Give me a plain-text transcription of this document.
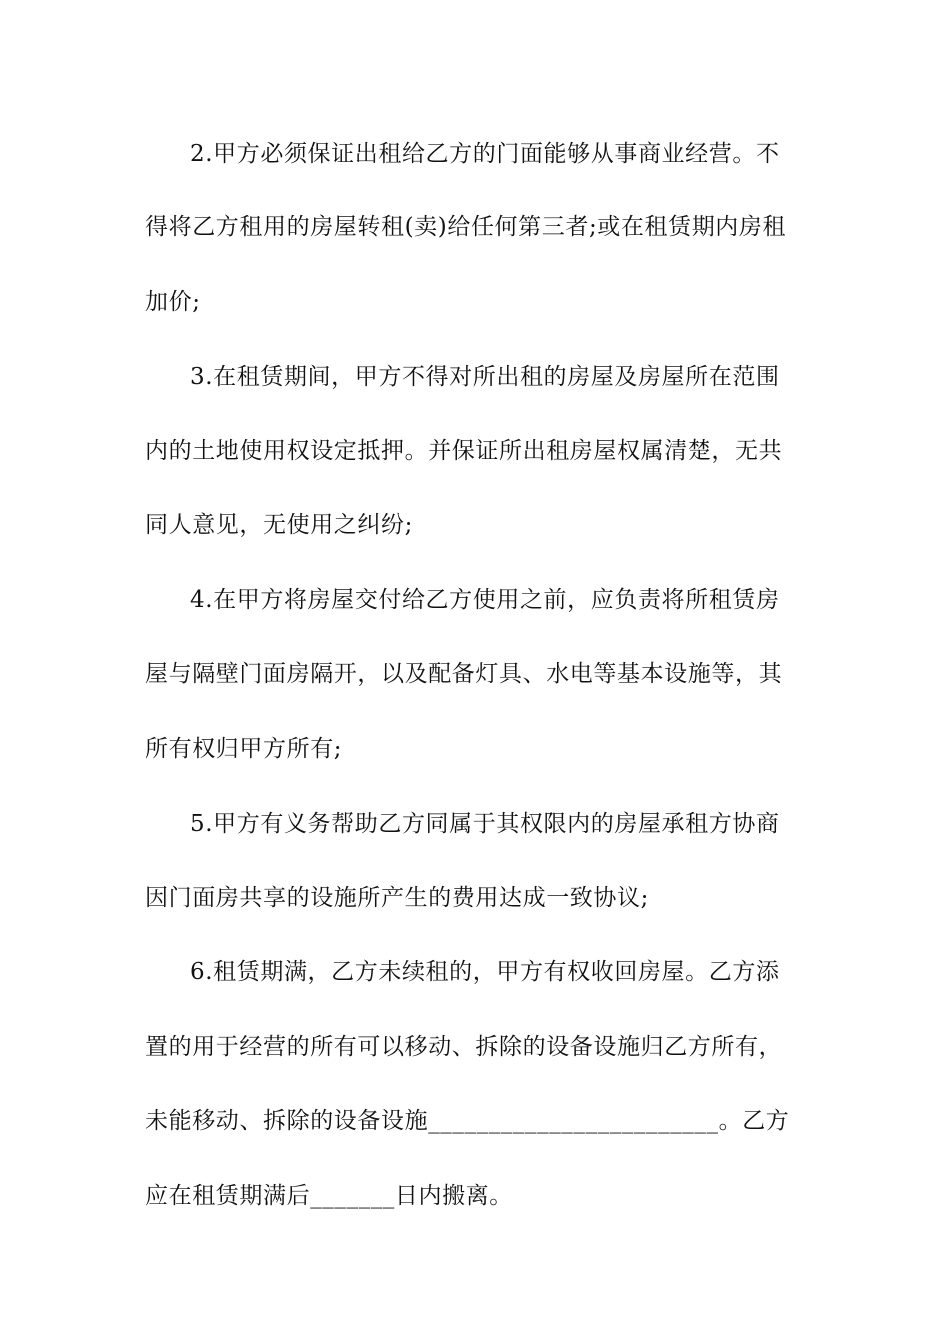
2.甲方必须保证出租给乙方的门面能够从事商业经营。不
得将乙方租用的房屋转租(卖)给任何第三者;或在租赁期内房租
加价;
3.在租赁期间，甲方不得对所出租的房屋及房屋所在范围
内的土地使用权设定抵押。并保证所出租房屋权属清楚，无共
同人意见，无使用之纠纷;
4.在甲方将房屋交付给乙方使用之前，应负责将所租赁房
屋与隔壁门面房隔开，以及配备灯具、水电等基本设施等，其
所有权归甲方所有;
5.甲方有义务帮助乙方同属于其权限内的房屋承租方协商
因门面房共享的设施所产生的费用达成一致协议;
6.租赁期满，乙方未续租的，甲方有权收回房屋。乙方添
置的用于经营的所有可以移动、拆除的设备设施归乙方所有，
未能移动、拆除的设备设施________________________。乙方
应在租赁期满后_______日内搬离。
